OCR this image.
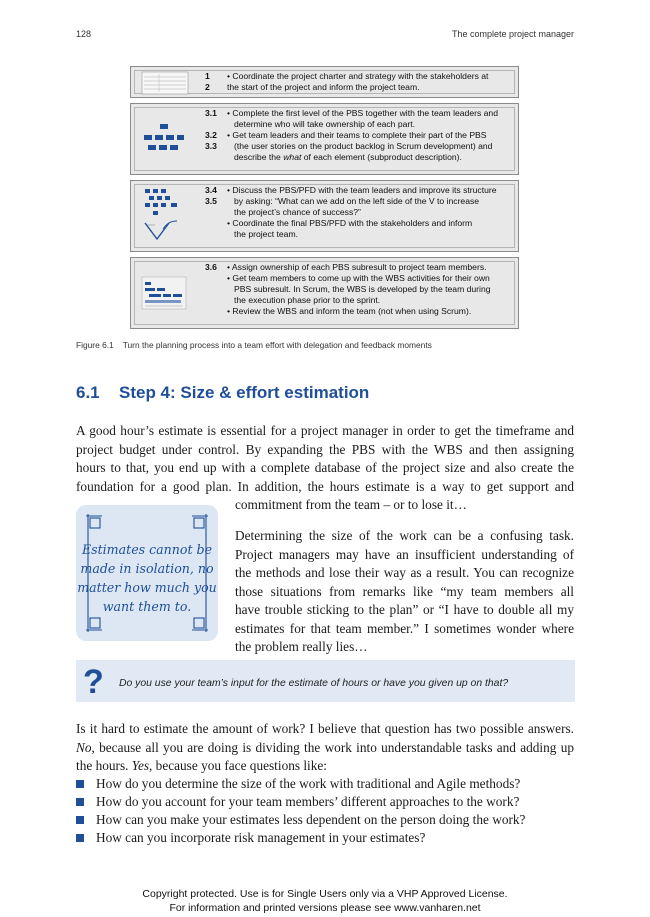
128	The complete project manager
1	• Coordinate the project charter and strategy with the stakeholders at
2	the start of the project and inform the project team.
3.1	• Complete the first level of the PBS together with the team leaders and
determine who will take ownership of each part.
3.2	• Get team leaders and their teams to complete their part of the PBS
3.3	(the user stories on the product backlog in Scrum development) and
describe the what of each element (subproduct description).
3.4	• Discuss the PBS/PFD with the team leaders and improve its structure
3.5	by asking: “What can we add on the left side of the V to increase
the project’s chance of success?”
• Coordinate the final PBS/PFD with the stakeholders and inform
the project team.
3.6	• Assign ownership of each PBS subresult to project team members.
• Get team members to come up with the WBS activities for their own
PBS subresult. In Scrum, the WBS is developed by the team during
the execution phase prior to the sprint.
• Review the WBS and inform the team (not when using Scrum).
Figure 6.1 Turn the planning process into a team effort with delegation and feedback moments
6.1 Step 4: Size & effort estimation
A good hour’s estimate is essential for a project manager in order to get the timeframe and
project budget under control. By expanding the PBS with the WBS and then assigning
hours to that, you end up with a complete database of the project size and also create the
foundation for a good plan. In addition, the hours estimate is a way to get support and
commitment from the team – or to lose it…
Estimates cannot be
made in isolation, no
matter how much you
want them to.
Determining the size of the work can be a confusing task.
Project managers may have an insufficient understanding of
the methods and lose their way as a result. You can recognize
those situations from remarks like “my team members all
have trouble sticking to the plan” or “I have to double all my
estimates for that team member.” I sometimes wonder where
the problem really lies…
? Do you use your team’s input for the estimate of hours or have you given up on that?
Is it hard to estimate the amount of work? I believe that question has two possible answers.
No, because all you are doing is dividing the work into understandable tasks and adding up
the hours. Yes, because you face questions like:
How do you determine the size of the work with traditional and Agile methods?
How do you account for your team members’ different approaches to the work?
How can you make your estimates less dependent on the person doing the work?
How can you incorporate risk management in your estimates?
Copyright protected. Use is for Single Users only via a VHP Approved License.
For information and printed versions please see www.vanharen.net
